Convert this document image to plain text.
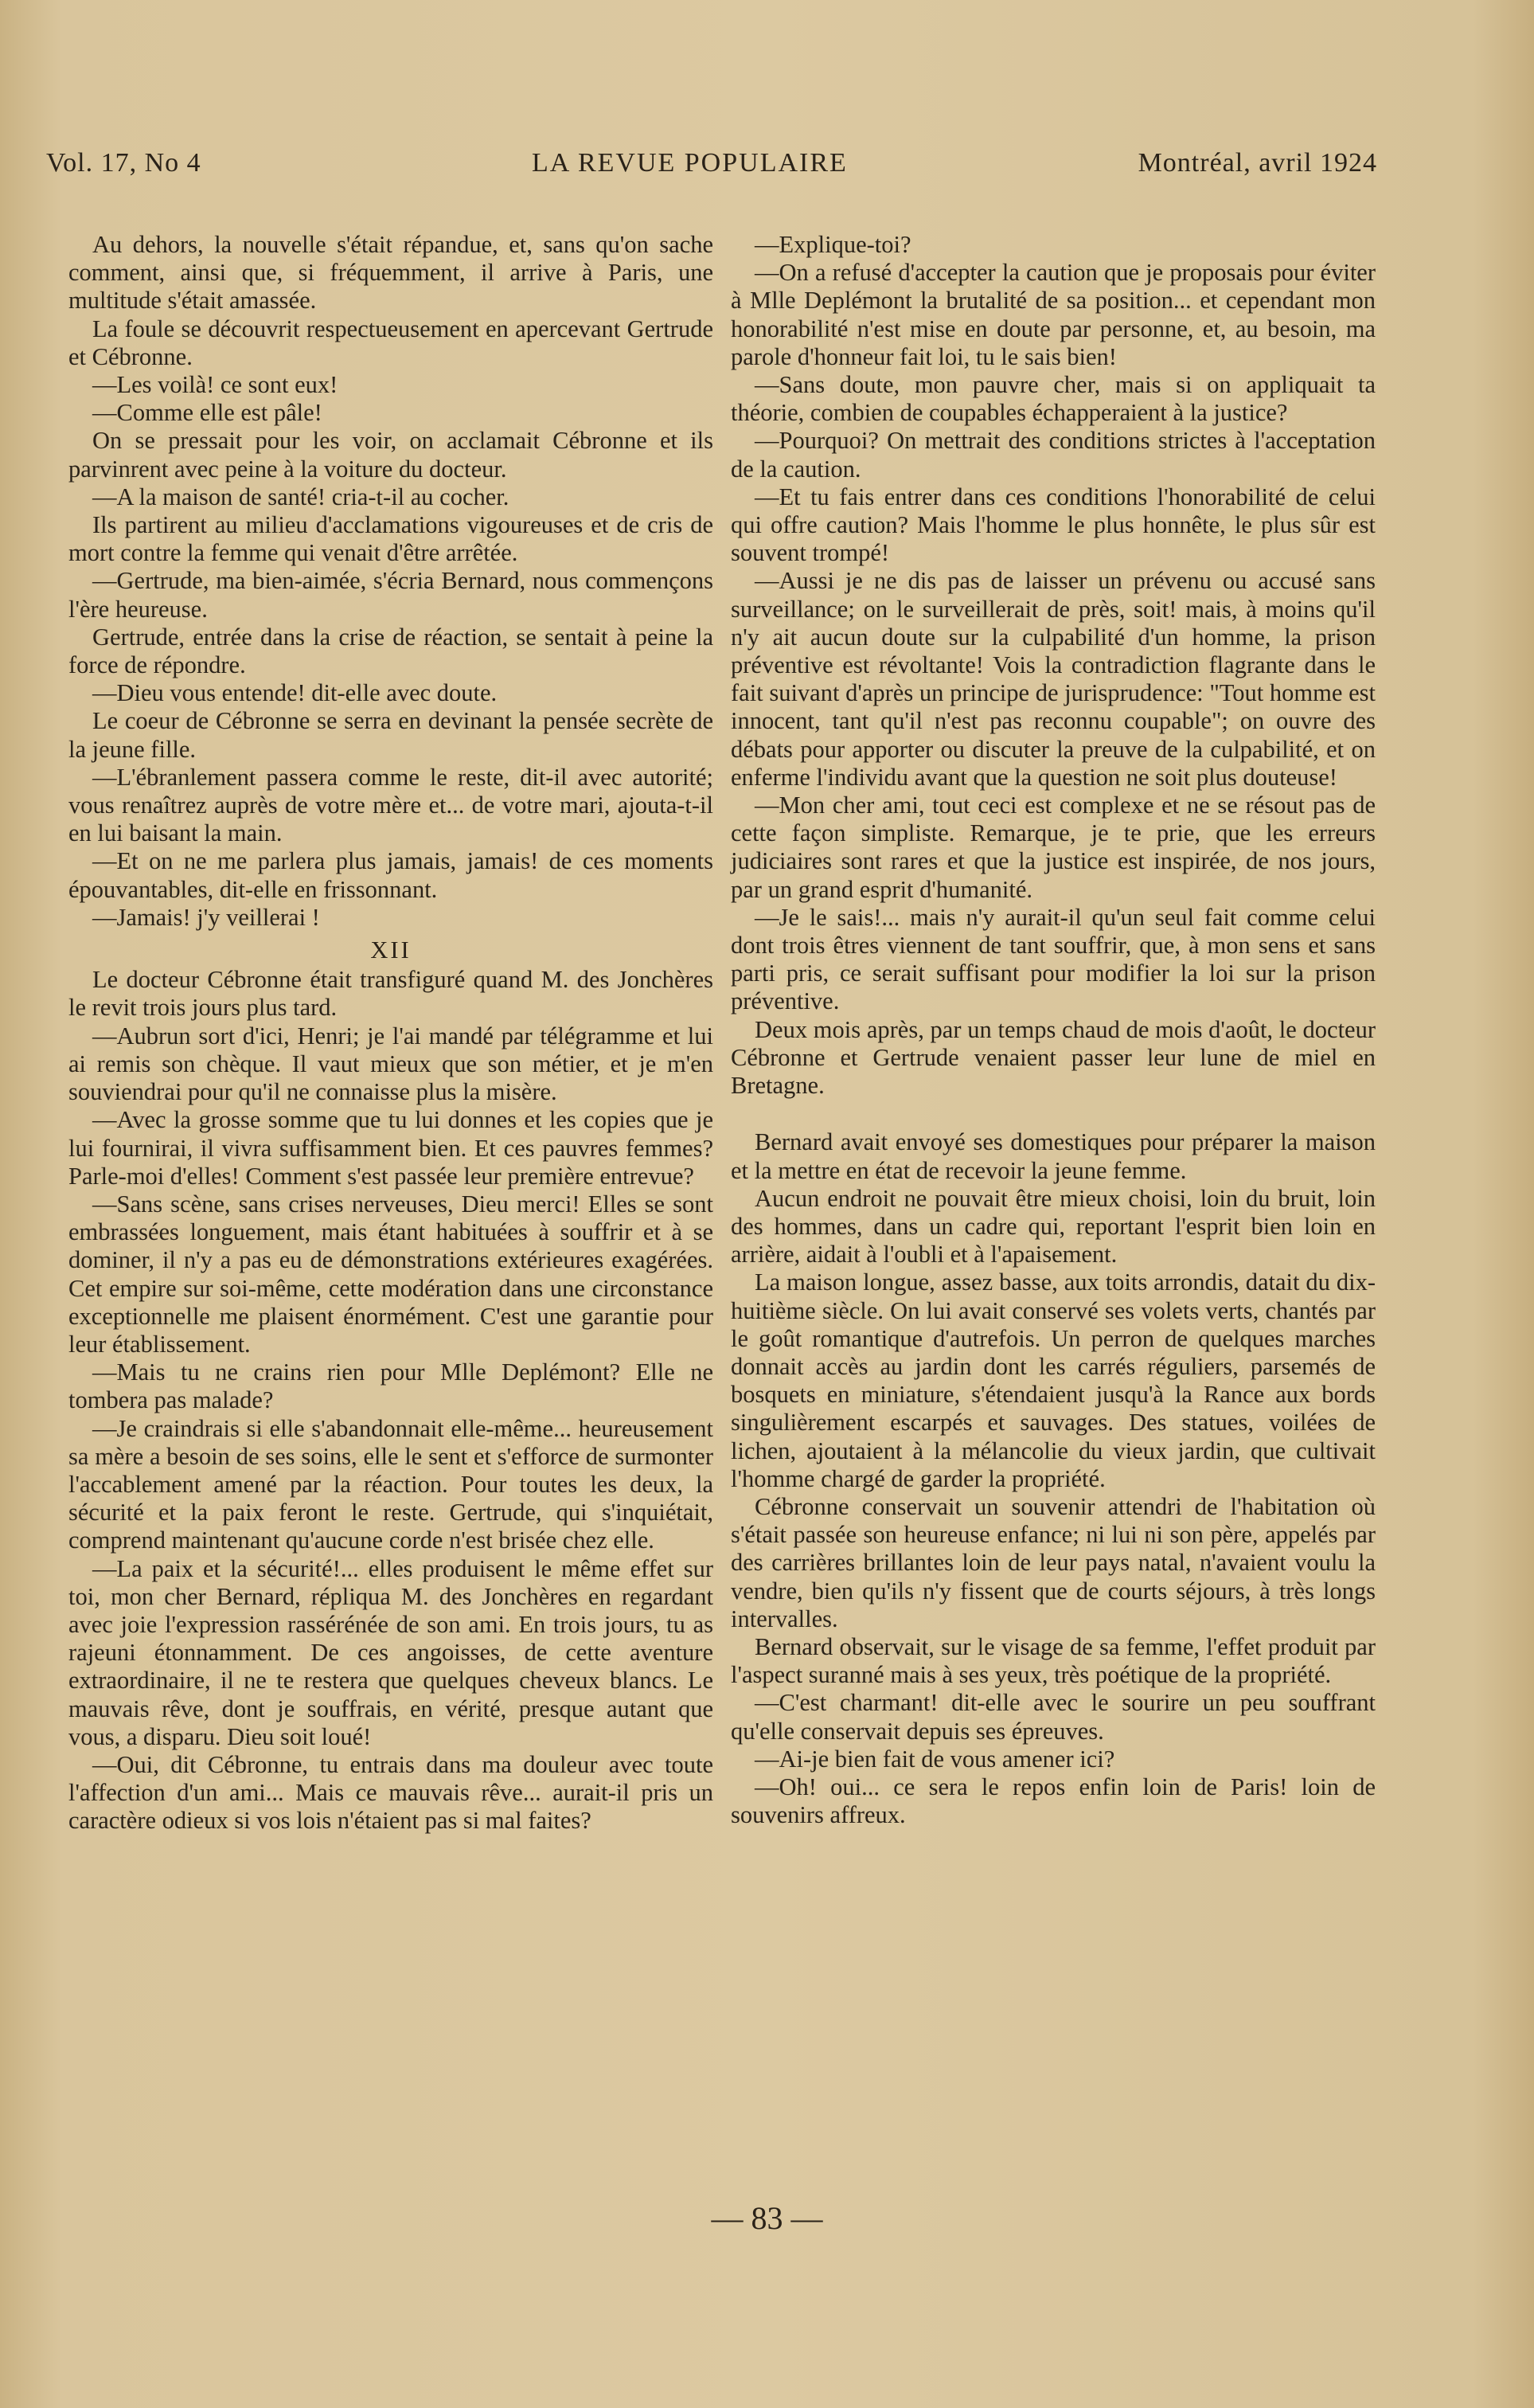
Vol. 17, No 4	LA REVUE POPULAIRE	Montréal, avril 1924

Au dehors, la nouvelle s'était répandue, et, sans qu'on sache comment, ainsi que, si fréquemment, il arrive à Paris, une multitude s'était amassée.

La foule se découvrit respectueusement en apercevant Gertrude et Cébronne.

—Les voilà! ce sont eux!

—Comme elle est pâle!

On se pressait pour les voir, on acclamait Cébronne et ils parvinrent avec peine à la voiture du docteur.

—A la maison de santé! cria-t-il au cocher.

Ils partirent au milieu d'acclamations vigoureuses et de cris de mort contre la femme qui venait d'être arrêtée.

—Gertrude, ma bien-aimée, s'écria Bernard, nous commençons l'ère heureuse.

Gertrude, entrée dans la crise de réaction, se sentait à peine la force de répondre.

—Dieu vous entende! dit-elle avec doute.

Le coeur de Cébronne se serra en devinant la pensée secrète de la jeune fille.

—L'ébranlement passera comme le reste, dit-il avec autorité; vous renaîtrez auprès de votre mère et... de votre mari, ajouta-t-il en lui baisant la main.

—Et on ne me parlera plus jamais, jamais! de ces moments épouvantables, dit-elle en frissonnant.

—Jamais! j'y veillerai !

XII

Le docteur Cébronne était transfiguré quand M. des Jonchères le revit trois jours plus tard.

—Aubrun sort d'ici, Henri; je l'ai mandé par télégramme et lui ai remis son chèque. Il vaut mieux que son métier, et je m'en souviendrai pour qu'il ne connaisse plus la misère.

—Avec la grosse somme que tu lui donnes et les copies que je lui fournirai, il vivra suffisamment bien. Et ces pauvres femmes? Parle-moi d'elles! Comment s'est passée leur première entrevue?

—Sans scène, sans crises nerveuses, Dieu merci! Elles se sont embrassées longuement, mais étant habituées à souffrir et à se dominer, il n'y a pas eu de démonstrations extérieures exagérées. Cet empire sur soi-même, cette modération dans une circonstance exceptionnelle me plaisent énormément. C'est une garantie pour leur établissement.

—Mais tu ne crains rien pour Mlle Deplémont? Elle ne tombera pas malade?

—Je craindrais si elle s'abandonnait elle-même... heureusement sa mère a besoin de ses soins, elle le sent et s'efforce de surmonter l'accablement amené par la réaction. Pour toutes les deux, la sécurité et la paix feront le reste. Gertrude, qui s'inquiétait, comprend maintenant qu'aucune corde n'est brisée chez elle.

—La paix et la sécurité!... elles produisent le même effet sur toi, mon cher Bernard, répliqua M. des Jonchères en regardant avec joie l'expression rassérénée de son ami. En trois jours, tu as rajeuni étonnamment. De ces angoisses, de cette aventure extraordinaire, il ne te restera que quelques cheveux blancs. Le mauvais rêve, dont je souffrais, en vérité, presque autant que vous, a disparu. Dieu soit loué!

—Oui, dit Cébronne, tu entrais dans ma douleur avec toute l'affection d'un ami... Mais ce mauvais rêve... aurait-il pris un caractère odieux si vos lois n'étaient pas si mal faites?

—Explique-toi?

—On a refusé d'accepter la caution que je proposais pour éviter à Mlle Deplémont la brutalité de sa position... et cependant mon honorabilité n'est mise en doute par personne, et, au besoin, ma parole d'honneur fait loi, tu le sais bien!

—Sans doute, mon pauvre cher, mais si on appliquait ta théorie, combien de coupables échapperaient à la justice?

—Pourquoi? On mettrait des conditions strictes à l'acceptation de la caution.

—Et tu fais entrer dans ces conditions l'honorabilité de celui qui offre caution? Mais l'homme le plus honnête, le plus sûr est souvent trompé!

—Aussi je ne dis pas de laisser un prévenu ou accusé sans surveillance; on le surveillerait de près, soit! mais, à moins qu'il n'y ait aucun doute sur la culpabilité d'un homme, la prison préventive est révoltante! Vois la contradiction flagrante dans le fait suivant d'après un principe de jurisprudence: "Tout homme est innocent, tant qu'il n'est pas reconnu coupable"; on ouvre des débats pour apporter ou discuter la preuve de la culpabilité, et on enferme l'individu avant que la question ne soit plus douteuse!

—Mon cher ami, tout ceci est complexe et ne se résout pas de cette façon simpliste. Remarque, je te prie, que les erreurs judiciaires sont rares et que la justice est inspirée, de nos jours, par un grand esprit d'humanité.

—Je le sais!... mais n'y aurait-il qu'un seul fait comme celui dont trois êtres viennent de tant souffrir, que, à mon sens et sans parti pris, ce serait suffisant pour modifier la loi sur la prison préventive.

Deux mois après, par un temps chaud de mois d'août, le docteur Cébronne et Gertrude venaient passer leur lune de miel en Bretagne.

Bernard avait envoyé ses domestiques pour préparer la maison et la mettre en état de recevoir la jeune femme.

Aucun endroit ne pouvait être mieux choisi, loin du bruit, loin des hommes, dans un cadre qui, reportant l'esprit bien loin en arrière, aidait à l'oubli et à l'apaisement.

La maison longue, assez basse, aux toits arrondis, datait du dix-huitième siècle. On lui avait conservé ses volets verts, chantés par le goût romantique d'autrefois. Un perron de quelques marches donnait accès au jardin dont les carrés réguliers, parsemés de bosquets en miniature, s'étendaient jusqu'à la Rance aux bords singulièrement escarpés et sauvages. Des statues, voilées de lichen, ajoutaient à la mélancolie du vieux jardin, que cultivait l'homme chargé de garder la propriété.

Cébronne conservait un souvenir attendri de l'habitation où s'était passée son heureuse enfance; ni lui ni son père, appelés par des carrières brillantes loin de leur pays natal, n'avaient voulu la vendre, bien qu'ils n'y fissent que de courts séjours, à très longs intervalles.

Bernard observait, sur le visage de sa femme, l'effet produit par l'aspect suranné mais à ses yeux, très poétique de la propriété.

—C'est charmant! dit-elle avec le sourire un peu souffrant qu'elle conservait depuis ses épreuves.

—Ai-je bien fait de vous amener ici?

—Oh! oui... ce sera le repos enfin loin de Paris! loin de souvenirs affreux.

— 83 —
